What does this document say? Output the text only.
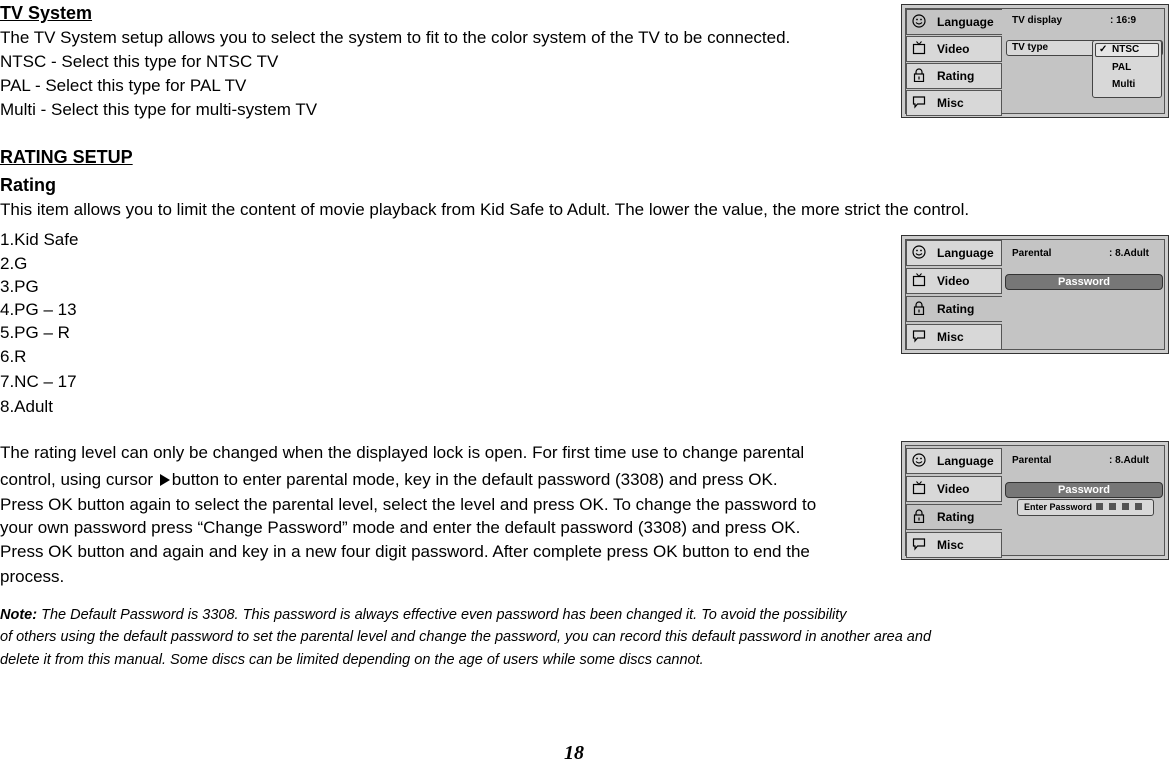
TV System
The TV System setup allows you to select the system to fit to the color system of the TV to be connected.
NTSC - Select this type for NTSC TV
PAL - Select this type for PAL TV
Multi - Select this type for multi-system TV
RATING SETUP
Rating
This item allows you to limit the content of movie playback from Kid Safe to Adult. The lower the value, the more strict the control.
1.Kid Safe
2.G
3.PG
4.PG – 13
5.PG – R
6.R
7.NC – 17
8.Adult
The rating level can only be changed when the displayed lock is open. For first time use to change parental
control, using cursor button to enter parental mode, key in the default password (3308) and press OK.
Press OK button again to select the parental level, select the level and press OK. To change the password to
your own password press “Change Password” mode and enter the default password (3308) and press OK.
Press OK button and again and key in a new four digit password. After complete press OK button to end the
process.
Note: The Default Password is 3308. This password is always effective even password has been changed it. To avoid the possibility
of others using the default password to set the parental level and change the password, you can record this default password in another area and
delete it from this manual. Some discs can be limited depending on the age of users while some discs cannot.
18
Language
Video
Rating
Misc
TV display	: 16:9
TV type	✓ NTSC
PAL
Multi
Language
Video
Rating
Misc
Parental	: 8.Adult
Password
Language
Video
Rating
Misc
Parental	: 8.Adult
Password
Enter Password
